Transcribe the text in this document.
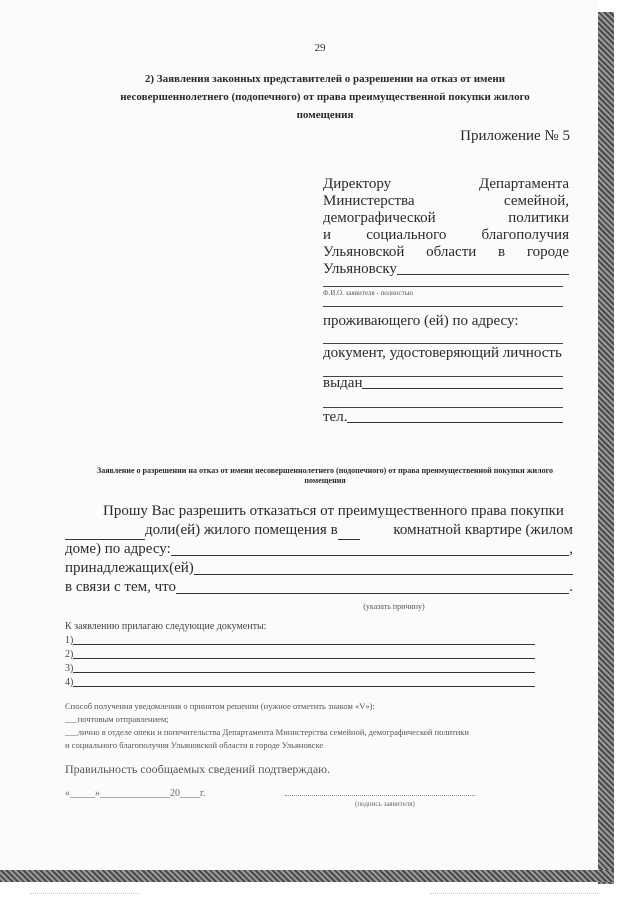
29
2) Заявления законных представителей о разрешении на отказ от имени несовершеннолетнего (подопечного) от права преимущественной покупки жилого помещения
Приложение № 5
Директору Департамента
Министерства семейной,
демографической политики
и социального благополучия
Ульяновской области в городе
Ульяновску
Ф.И.О. заявителя - полностью
проживающего (ей) по адресу:
документ, удостоверяющий личность
выдан
тел.
Заявление о разрешении на отказ от имени несовершеннолетнего (подопечного) от права преимущественной покупки жилого помещения
Прошу Вас разрешить отказаться от преимущественного права покупки
доли(ей) жилого помещения в	комнатной квартире (жилом
доме) по адресу:	,
принадлежащих(ей)
в связи с тем, что	.
(указать причину)
К заявлению прилагаю следующие документы:
1)
2)
3)
4)
Способ получения уведомления о принятом решении (нужное отметить знаком «V»):
___почтовым отправлением;
___лично в отделе опеки и попечительства Департамента Министерства семейной, демографической политики
и социального благополучия Ульяновской области в городе Ульяновске
Правильность сообщаемых сведений подтверждаю.
«_____»______________20____г.
(подпись заявителя)
